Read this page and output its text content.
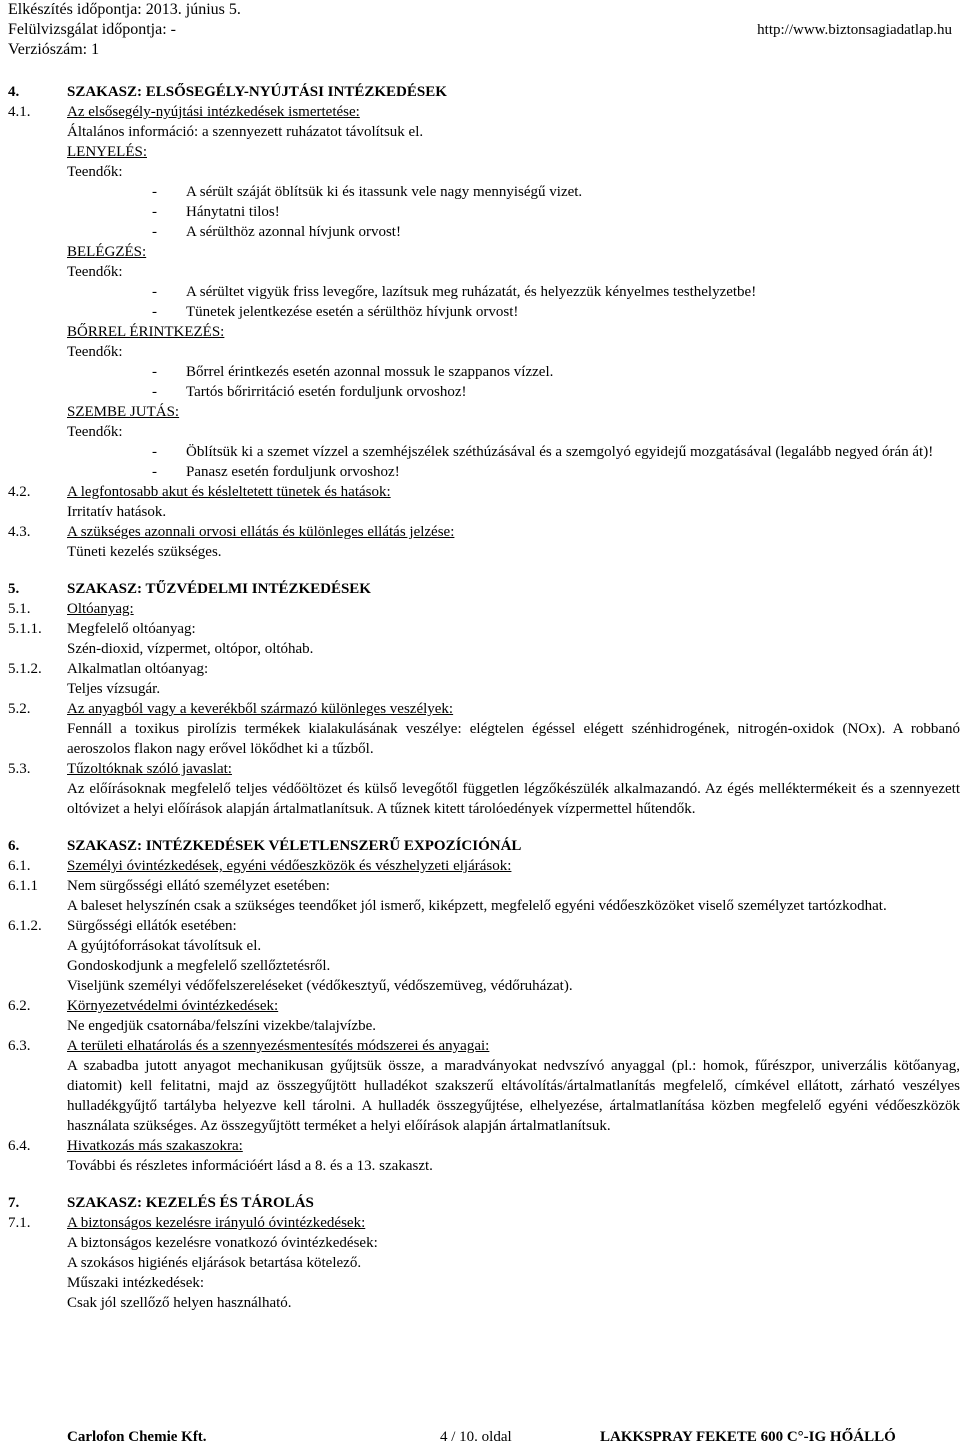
Elkészítés időpontja: 2013. június 5.
Felülvizsgálat időpontja: -
Verziószám: 1
http://www.biztonsagiadatlap.hu
4.	SZAKASZ: ELSŐSEGÉLY-NYÚJTÁSI INTÉZKEDÉSEK
4.1. Az elsősegély-nyújtási intézkedések ismertetése:
Általános információ: a szennyezett ruházatot távolítsuk el.
LENYELÉS:
Teendők:
- A sérült száját öblítsük ki és itassunk vele nagy mennyiségű vizet.
- Hánytatni tilos!
- A sérülthöz azonnal hívjunk orvost!
BELÉGZÉS:
Teendők:
- A sérültet vigyük friss levegőre, lazítsuk meg ruházatát, és helyezzük kényelmes testhelyzetbe!
- Tünetek jelentkezése esetén a sérülthöz hívjunk orvost!
BŐRREL ÉRINTKEZÉS:
Teendők:
- Bőrrel érintkezés esetén azonnal mossuk le szappanos vízzel.
- Tartós bőrirritáció esetén forduljunk orvoshoz!
SZEMBE JUTÁS:
Teendők:
- Öblítsük ki a szemet vízzel a szemhéjszélek széthúzásával és a szemgolyó egyidejű mozgatásával (legalább negyed órán át)!
- Panasz esetén forduljunk orvoshoz!
4.2. A legfontosabb akut és késleltetett tünetek és hatások:
Irritatív hatások.
4.3. A szükséges azonnali orvosi ellátás és különleges ellátás jelzése:
Tüneti kezelés szükséges.
5.	SZAKASZ: TŰZVÉDELMI INTÉZKEDÉSEK
5.1. Oltóanyag:
5.1.1. Megfelelő oltóanyag:
Szén-dioxid, vízpermet, oltópor, oltóhab.
5.1.2. Alkalmatlan oltóanyag:
Teljes vízsugár.
5.2. Az anyagból vagy a keverékből származó különleges veszélyek:
Fennáll a toxikus pirolízis termékek kialakulásának veszélye: elégtelen égéssel elégett szénhidrogének, nitrogén-oxidok (NOx). A robbanó aeroszolos flakon nagy erővel lökődhet ki a tűzből.
5.3. Tűzoltóknak szóló javaslat:
Az előírásoknak megfelelő teljes védőöltözet és külső levegőtől független légzőkészülék alkalmazandó. Az égés melléktermékeit és a szennyezett oltóvizet a helyi előírások alapján ártalmatlanítsuk. A tűznek kitett tárolóedények vízpermettel hűtendők.
6.	SZAKASZ: INTÉZKEDÉSEK VÉLETLENSZERŰ EXPOZÍCIÓNÁL
6.1. Személyi óvintézkedések, egyéni védőeszközök és vészhelyzeti eljárások:
6.1.1 Nem sürgősségi ellátó személyzet esetében:
A baleset helyszínén csak a szükséges teendőket jól ismerő, kiképzett, megfelelő egyéni védőeszközöket viselő személyzet tartózkodhat.
6.1.2. Sürgősségi ellátók esetében:
A gyújtóforrásokat távolítsuk el.
Gondoskodjunk a megfelelő szellőztetésről.
Viseljünk személyi védőfelszereléseket (védőkesztyű, védőszemüveg, védőruházat).
6.2. Környezetvédelmi óvintézkedések:
Ne engedjük csatornába/felszíni vizekbe/talajvízbe.
6.3. A területi elhatárolás és a szennyezésmentesítés módszerei és anyagai:
A szabadba jutott anyagot mechanikusan gyűjtsük össze, a maradványokat nedvszívó anyaggal (pl.: homok, fűrészpor, univerzális kötőanyag, diatomit) kell felitatni, majd az összegyűjtött hulladékot szakszerű eltávolítás/ártalmatlanítás megfelelő, címkével ellátott, zárható veszélyes hulladékgyűjtő tartályba helyezve kell tárolni. A hulladék összegyűjtése, elhelyezése, ártalmatlanítása közben megfelelő egyéni védőeszközök használata szükséges. Az összegyűjtött terméket a helyi előírások alapján ártalmatlanítsuk.
6.4. Hivatkozás más szakaszokra:
További és részletes információért lásd a 8. és a 13. szakaszt.
7.	SZAKASZ: KEZELÉS ÉS TÁROLÁS
7.1. A biztonságos kezelésre irányuló óvintézkedések:
A biztonságos kezelésre vonatkozó óvintézkedések:
A szokásos higiénés eljárások betartása kötelező.
Műszaki intézkedések:
Csak jól szellőző helyen használható.
Carlofon Chemie Kft.	4 / 10. oldal	LAKKSPRAY FEKETE 600 C°-IG HŐÁLLÓ
